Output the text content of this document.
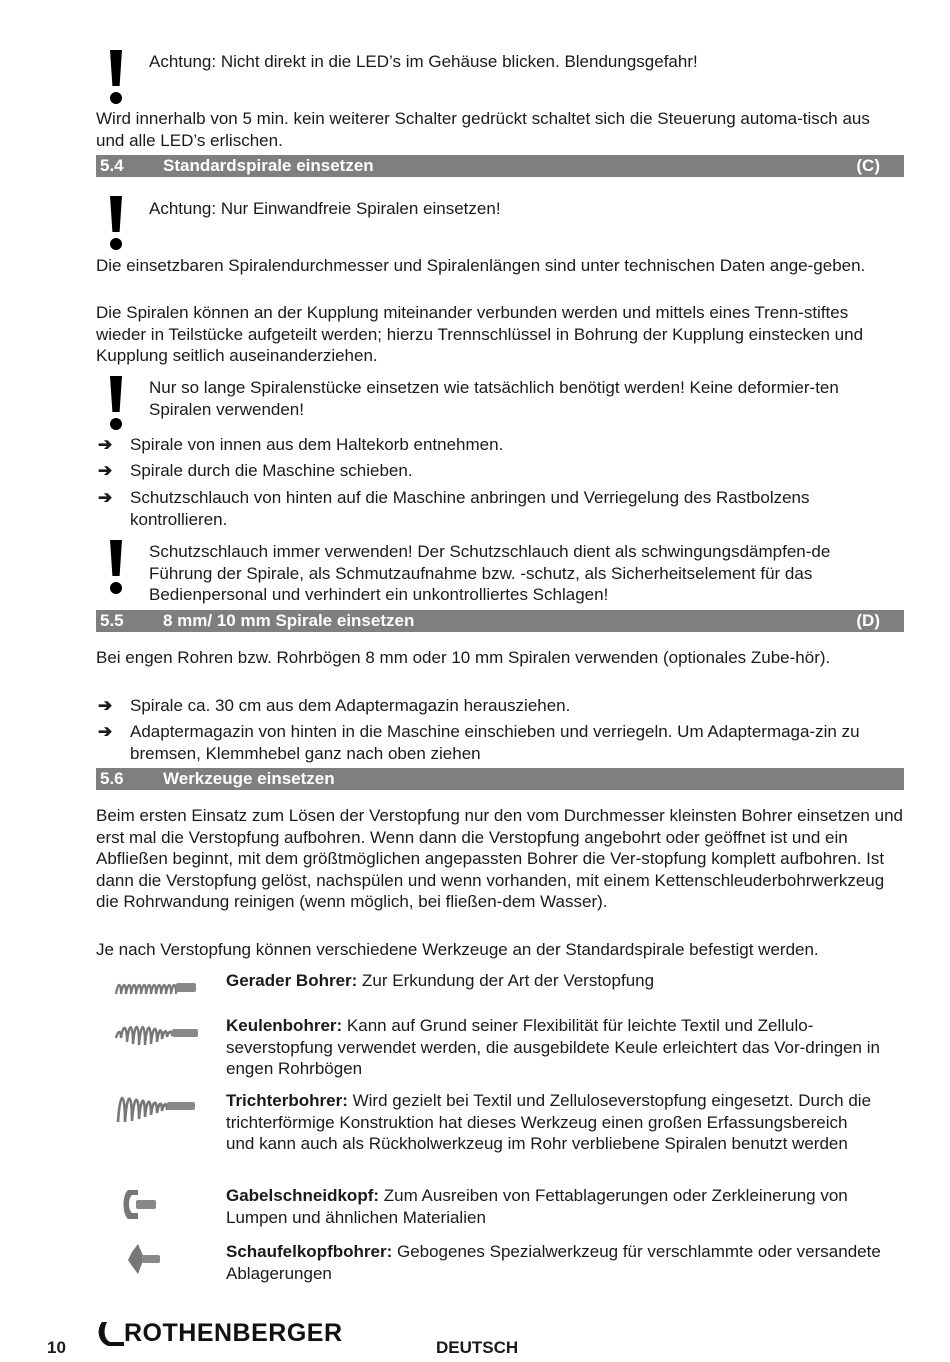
Achtung: Nicht direkt in die LED’s im Gehäuse blicken. Blendungsgefahr!

Wird innerhalb von 5 min. kein weiterer Schalter gedrückt schaltet sich die Steuerung automa-tisch aus und alle LED’s erlischen.

5.4 Standardspirale einsetzen	(C)

Achtung: Nur Einwandfreie Spiralen einsetzen!

Die einsetzbaren Spiralendurchmesser und Spiralenlängen sind unter technischen Daten ange-geben.

Die Spiralen können an der Kupplung miteinander verbunden werden und mittels eines Trenn-stiftes wieder in Teilstücke aufgeteilt werden; hierzu Trennschlüssel in Bohrung der Kupplung einstecken und Kupplung seitlich auseinanderziehen.

Nur so lange Spiralenstücke einsetzen wie tatsächlich benötigt werden! Keine deformier-ten Spiralen verwenden!

➔ Spirale von innen aus dem Haltekorb entnehmen.

➔ Spirale durch die Maschine schieben.

➔ Schutzschlauch von hinten auf die Maschine anbringen und Verriegelung des Rastbolzens kontrollieren.

Schutzschlauch immer verwenden! Der Schutzschlauch dient als schwingungsdämpfen-de Führung der Spirale, als Schmutzaufnahme bzw. -schutz, als Sicherheitselement für das Bedienpersonal und verhindert ein unkontrolliertes Schlagen!

5.5 8 mm/ 10 mm Spirale einsetzen	(D)

Bei engen Rohren bzw. Rohrbögen 8 mm oder 10 mm Spiralen verwenden (optionales Zube-hör).

➔ Spirale ca. 30 cm aus dem Adaptermagazin herausziehen.

➔ Adaptermagazin von hinten in die Maschine einschieben und verriegeln. Um Adaptermaga-zin zu bremsen, Klemmhebel ganz nach oben ziehen

5.6 Werkzeuge einsetzen

Beim ersten Einsatz zum Lösen der Verstopfung nur den vom Durchmesser kleinsten Bohrer einsetzen und erst mal die Verstopfung aufbohren. Wenn dann die Verstopfung angebohrt oder geöffnet ist und ein Abfließen beginnt, mit dem größtmöglichen angepassten Bohrer die Ver-stopfung komplett aufbohren. Ist dann die Verstopfung gelöst, nachspülen und wenn vorhanden, mit einem Kettenschleuderbohrwerkzeug die Rohrwandung reinigen (wenn möglich, bei fließen-dem Wasser).

Je nach Verstopfung können verschiedene Werkzeuge an der Standardspirale befestigt werden.

Gerader Bohrer: Zur Erkundung der Art der Verstopfung

Keulenbohrer: Kann auf Grund seiner Flexibilität für leichte Textil und Zellulo-severstopfung verwendet werden, die ausgebildete Keule erleichtert das Vor-dringen in engen Rohrbögen

Trichterbohrer: Wird gezielt bei Textil und Zelluloseverstopfung eingesetzt. Durch die trichterförmige Konstruktion hat dieses Werkzeug einen großen Erfassungsbereich und kann auch als Rückholwerkzeug im Rohr verbliebene Spiralen benutzt werden

Gabelschneidkopf: Zum Ausreiben von Fettablagerungen oder Zerkleinerung von Lumpen und ähnlichen Materialien

Schaufelkopfbohrer: Gebogenes Spezialwerkzeug für verschlammte oder versandete Ablagerungen

10
ROTHENBERGER
DEUTSCH
